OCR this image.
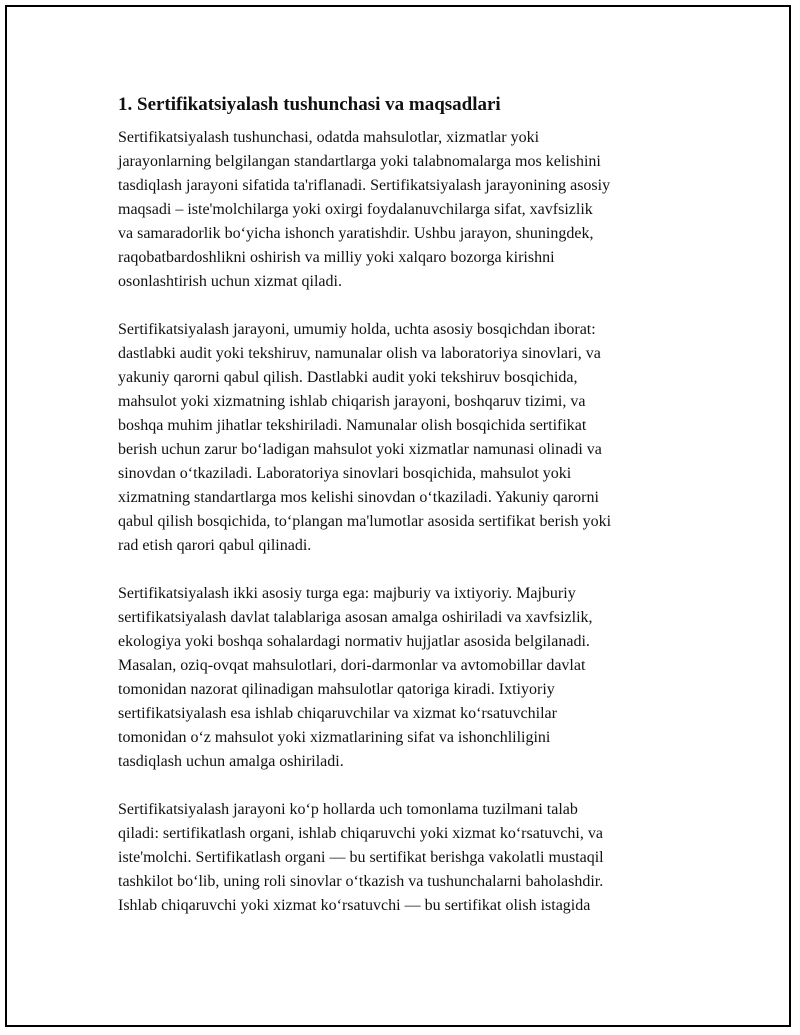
1. Sertifikatsiyalash tushunchasi va maqsadlari

Sertifikatsiyalash tushunchasi, odatda mahsulotlar, xizmatlar yoki
jarayonlarning belgilangan standartlarga yoki talabnomalarga mos kelishini
tasdiqlash jarayoni sifatida ta'riflanadi. Sertifikatsiyalash jarayonining asosiy
maqsadi – iste'molchilarga yoki oxirgi foydalanuvchilarga sifat, xavfsizlik
va samaradorlik bo‘yicha ishonch yaratishdir. Ushbu jarayon, shuningdek,
raqobatbardoshlikni oshirish va milliy yoki xalqaro bozorga kirishni
osonlashtirish uchun xizmat qiladi.

Sertifikatsiyalash jarayoni, umumiy holda, uchta asosiy bosqichdan iborat:
dastlabki audit yoki tekshiruv, namunalar olish va laboratoriya sinovlari, va
yakuniy qarorni qabul qilish. Dastlabki audit yoki tekshiruv bosqichida,
mahsulot yoki xizmatning ishlab chiqarish jarayoni, boshqaruv tizimi, va
boshqa muhim jihatlar tekshiriladi. Namunalar olish bosqichida sertifikat
berish uchun zarur bo‘ladigan mahsulot yoki xizmatlar namunasi olinadi va
sinovdan o‘tkaziladi. Laboratoriya sinovlari bosqichida, mahsulot yoki
xizmatning standartlarga mos kelishi sinovdan o‘tkaziladi. Yakuniy qarorni
qabul qilish bosqichida, to‘plangan ma'lumotlar asosida sertifikat berish yoki
rad etish qarori qabul qilinadi.

Sertifikatsiyalash ikki asosiy turga ega: majburiy va ixtiyoriy. Majburiy
sertifikatsiyalash davlat talablariga asosan amalga oshiriladi va xavfsizlik,
ekologiya yoki boshqa sohalardagi normativ hujjatlar asosida belgilanadi.
Masalan, oziq-ovqat mahsulotlari, dori-darmonlar va avtomobillar davlat
tomonidan nazorat qilinadigan mahsulotlar qatoriga kiradi. Ixtiyoriy
sertifikatsiyalash esa ishlab chiqaruvchilar va xizmat ko‘rsatuvchilar
tomonidan o‘z mahsulot yoki xizmatlarining sifat va ishonchliligini
tasdiqlash uchun amalga oshiriladi.

Sertifikatsiyalash jarayoni ko‘p hollarda uch tomonlama tuzilmani talab
qiladi: sertifikatlash organi, ishlab chiqaruvchi yoki xizmat ko‘rsatuvchi, va
iste'molchi. Sertifikatlash organi — bu sertifikat berishga vakolatli mustaqil
tashkilot bo‘lib, uning roli sinovlar o‘tkazish va tushunchalarni baholashdir.
Ishlab chiqaruvchi yoki xizmat ko‘rsatuvchi — bu sertifikat olish istagida
